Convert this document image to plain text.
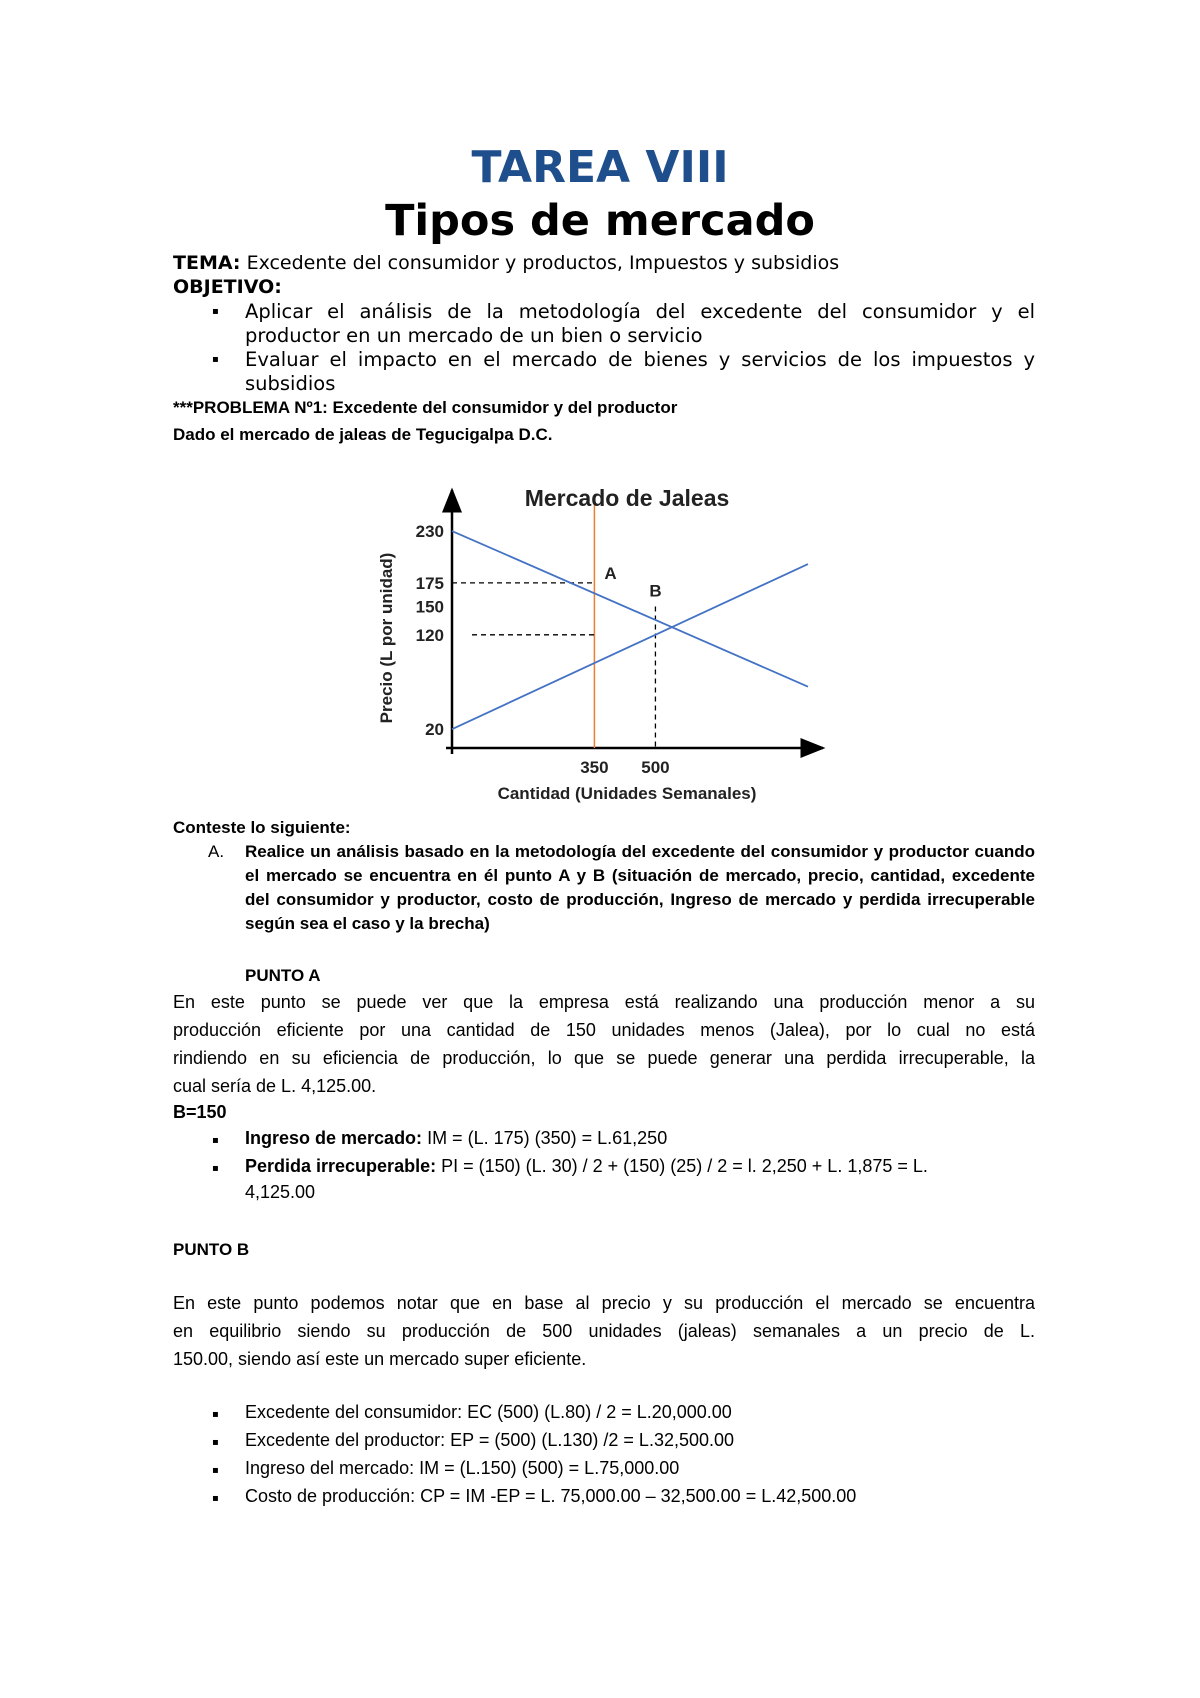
TAREA VIII
Tipos de mercado
TEMA: Excedente del consumidor y productos, Impuestos y subsidios
OBJETIVO:
▪ Aplicar el análisis de la metodología del excedente del consumidor y el
productor en un mercado de un bien o servicio
▪ Evaluar el impacto en el mercado de bienes y servicios de los impuestos y
subsidios
***PROBLEMA Nº1: Excedente del consumidor y del productor
Dado el mercado de jaleas de Tegucigalpa D.C.
Mercado de Jaleas
230
175
150
120
20
350 500
A
B
Cantidad (Unidades Semanales)
Precio (L por unidad)
Conteste lo siguiente:
A. Realice un análisis basado en la metodología del excedente del consumidor y productor cuando
el mercado se encuentra en él punto A y B (situación de mercado, precio, cantidad, excedente
del consumidor y productor, costo de producción, Ingreso de mercado y perdida irrecuperable
según sea el caso y la brecha)
PUNTO A
En este punto se puede ver que la empresa está realizando una producción menor a su
producción eficiente por una cantidad de 150 unidades menos (Jalea), por lo cual no está
rindiendo en su eficiencia de producción, lo que se puede generar una perdida irrecuperable, la
cual sería de L. 4,125.00.
B=150
▪ Ingreso de mercado: IM = (L. 175) (350) = L.61,250
▪ Perdida irrecuperable: PI = (150) (L. 30) / 2 + (150) (25) / 2 = l. 2,250 + L. 1,875 = L.
4,125.00
PUNTO B
En este punto podemos notar que en base al precio y su producción el mercado se encuentra
en equilibrio siendo su producción de 500 unidades (jaleas) semanales a un precio de L.
150.00, siendo así este un mercado super eficiente.
▪ Excedente del consumidor: EC (500) (L.80) / 2 = L.20,000.00
▪ Excedente del productor: EP = (500) (L.130) /2 = L.32,500.00
▪ Ingreso del mercado: IM = (L.150) (500) = L.75,000.00
▪ Costo de producción: CP = IM -EP = L. 75,000.00 – 32,500.00 = L.42,500.00
